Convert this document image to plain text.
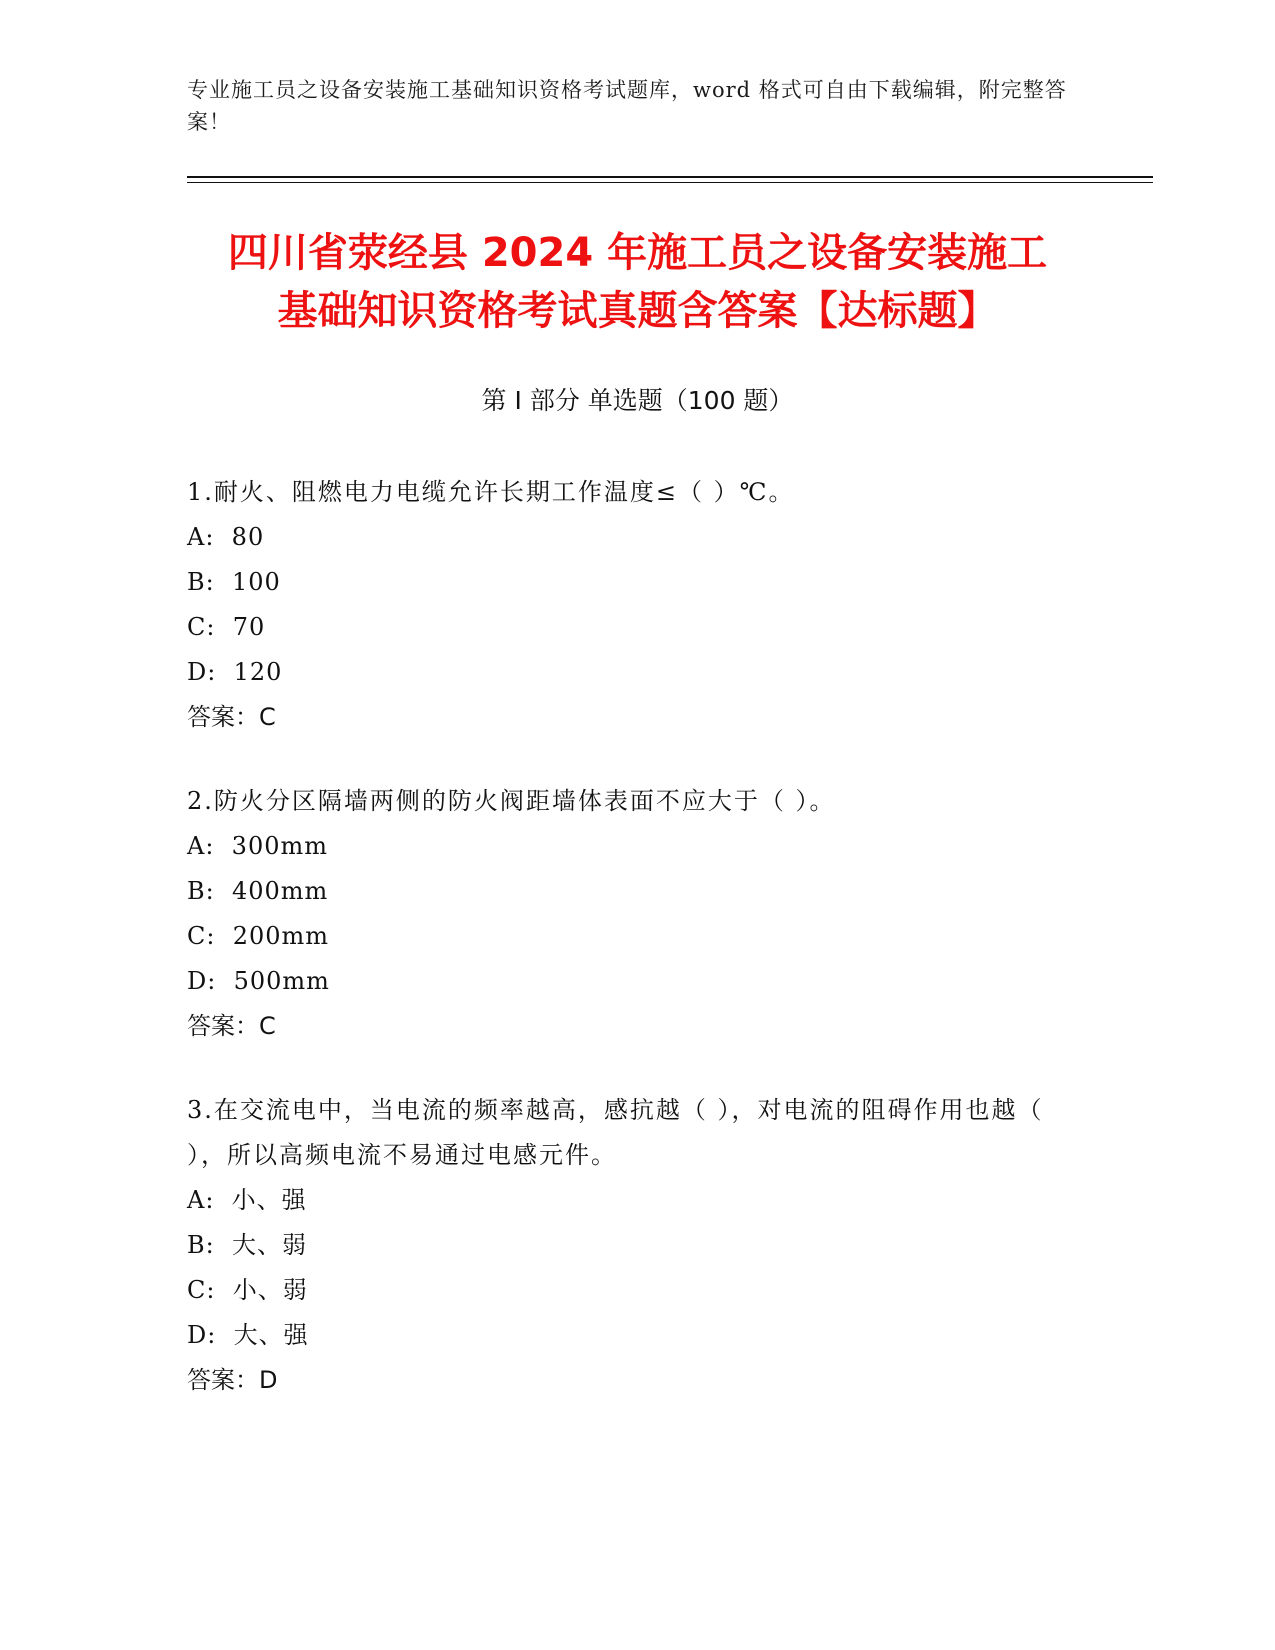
专业施工员之设备安装施工基础知识资格考试题库，word 格式可自由下载编辑，附完整答案！
四川省荥经县 2024 年施工员之设备安装施工
基础知识资格考试真题含答案【达标题】
第 I 部分 单选题（100 题）
1.耐火、阻燃电力电缆允许长期工作温度≤（ ）℃。
A:  80
B:  100
C:  70
D:  120
答案：C
2.防火分区隔墙两侧的防火阀距墙体表面不应大于（ ）。
A:  300mm
B:  400mm
C:  200mm
D:  500mm
答案：C
3.在交流电中，当电流的频率越高，感抗越（ ），对电流的阻碍作用也越（ ），所以高频电流不易通过电感元件。
A:  小、强
B:  大、弱
C:  小、弱
D:  大、强
答案：D
